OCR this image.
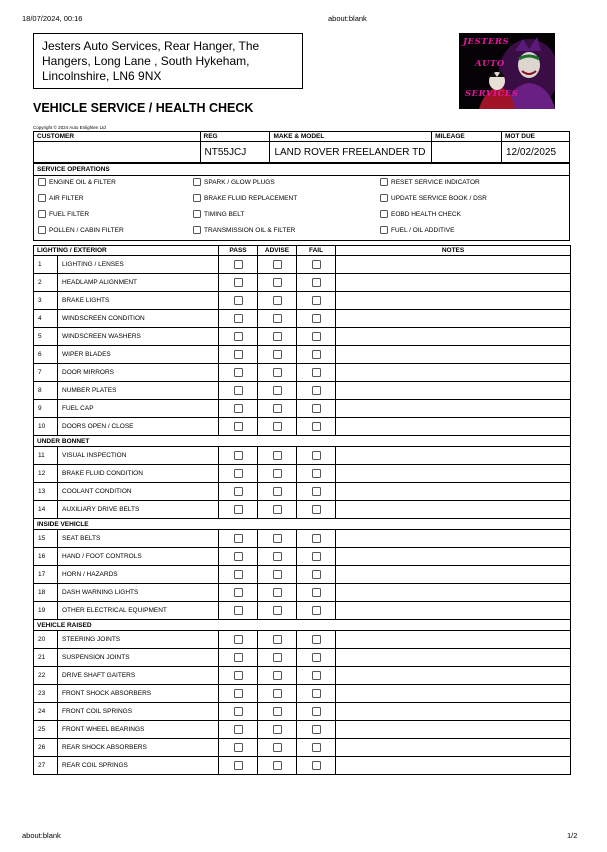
18/07/2024, 00:16	about:blank
about:blank	1/2
Jesters Auto Services, Rear Hanger, The Hangers, Long Lane , South Hykeham, Lincolnshire, LN6 9NX
JESTERS
AUTO
SERVICES
VEHICLE SERVICE / HEALTH CHECK
Copyright © 2024 Auto Enlighten Ltd
CUSTOMER	REG	MAKE & MODEL	MILEAGE	MOT DUE
	NT55JCJ	LAND ROVER FREELANDER TD		12/02/2025
SERVICE OPERATIONS
ENGINE OIL & FILTER
AIR FILTER
FUEL FILTER
POLLEN / CABIN FILTER
SPARK / GLOW PLUGS
BRAKE FLUID REPLACEMENT
TIMING BELT
TRANSMISSION OIL & FILTER
RESET SERVICE INDICATOR
UPDATE SERVICE BOOK / DSR
EOBD HEALTH CHECK
FUEL / OIL ADDITIVE
LIGHTING / EXTERIOR		PASS	ADVISE	FAIL	NOTES
1	LIGHTING / LENSES				
2	HEADLAMP ALIGNMENT				
3	BRAKE LIGHTS				
4	WINDSCREEN CONDITION				
5	WINDSCREEN WASHERS				
6	WIPER BLADES				
7	DOOR MIRRORS				
8	NUMBER PLATES				
9	FUEL CAP				
10	DOORS OPEN / CLOSE				
UNDER BONNET					
11	VISUAL INSPECTION				
12	BRAKE FLUID CONDITION				
13	COOLANT CONDITION				
14	AUXILIARY DRIVE BELTS				
INSIDE VEHICLE					
15	SEAT BELTS				
16	HAND / FOOT CONTROLS				
17	HORN / HAZARDS				
18	DASH WARNING LIGHTS				
19	OTHER ELECTRICAL EQUIPMENT				
VEHICLE RAISED					
20	STEERING JOINTS				
21	SUSPENSION JOINTS				
22	DRIVE SHAFT GAITERS				
23	FRONT SHOCK ABSORBERS				
24	FRONT COIL SPRINGS				
25	FRONT WHEEL BEARINGS				
26	REAR SHOCK ABSORBERS				
27	REAR COIL SPRINGS				
